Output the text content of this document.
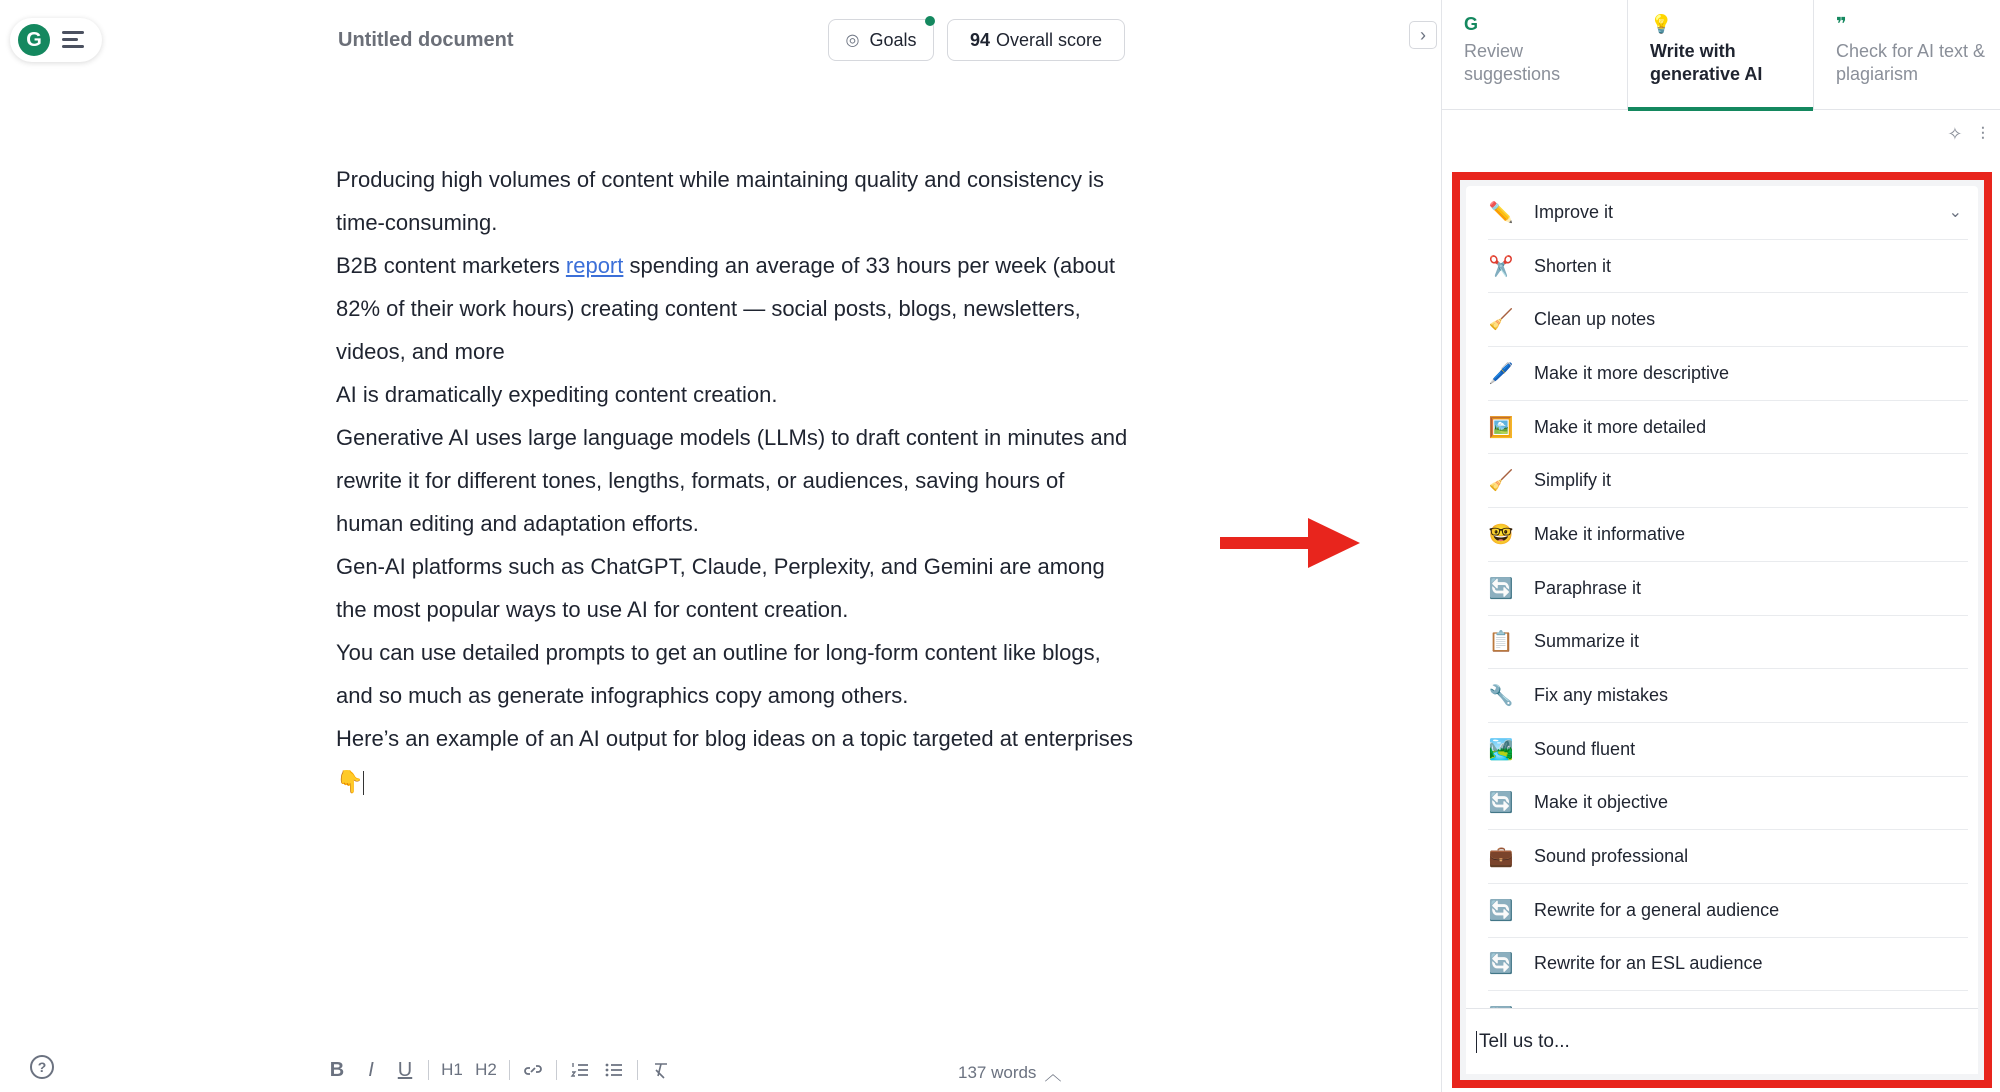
G
?
Untitled document	◎ Goals	94 Overall score

Producing high volumes of content while maintaining quality and consistency is time-consuming.

B2B content marketers report spending an average of 33 hours per week (about 82% of their work hours) creating content — social posts, blogs, newsletters, videos, and more

AI is dramatically expediting content creation.

Generative AI uses large language models (LLMs) to draft content in minutes and rewrite it for different tones, lengths, formats, or audiences, saving hours of human editing and adaptation efforts.

Gen-AI platforms such as ChatGPT, Claude, Perplexity, and Gemini are among the most popular ways to use AI for content creation.

You can use detailed prompts to get an outline for long-form content like blogs, and so much as generate infographics copy among others.

Here’s an example of an AI output for blog ideas on a topic targeted at enterprises 👇

B I U H1 H2	137 words ︿
›
G
Review suggestions
💡
Write with generative AI
❞
Check for AI text & plagiarism
✧ ⫶
✏️ Improve it	⌄
✂️ Shorten it
🧹 Clean up notes
🖊️ Make it more descriptive
🖼️ Make it more detailed
🧹 Simplify it
🤓 Make it informative
🔄 Paraphrase it
📋 Summarize it
🔧 Fix any mistakes
🏞️ Sound fluent
🔄 Make it objective
💼 Sound professional
🔄 Rewrite for a general audience
🔄 Rewrite for an ESL audience
Tell us to...
